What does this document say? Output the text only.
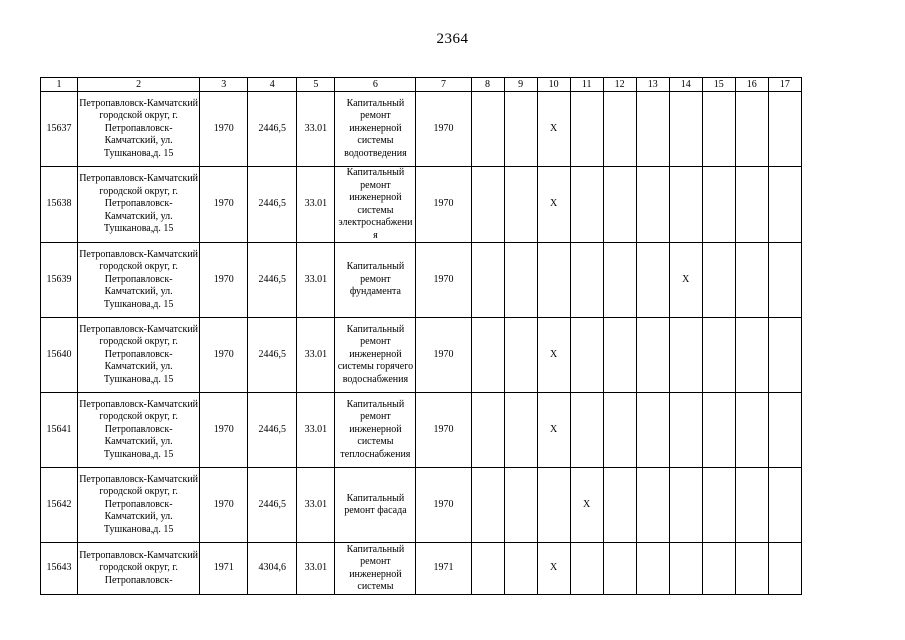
2364
1	2	3	4	5	6	7	8	9	10	11	12	13	14	15	16	17
15637	Петропавловск-Камчатский городской округ, г. Петропавловск-Камчатский, ул. Тушканова,д. 15	1970	2446,5	33.01	Капитальный ремонт инженерной системы водоотведения	1970			X							
15638	Петропавловск-Камчатский городской округ, г. Петропавловск-Камчатский, ул. Тушканова,д. 15	1970	2446,5	33.01	Капитальный ремонт инженерной системы электроснабжения	1970			X							
15639	Петропавловск-Камчатский городской округ, г. Петропавловск-Камчатский, ул. Тушканова,д. 15	1970	2446,5	33.01	Капитальный ремонт фундамента	1970							X			
15640	Петропавловск-Камчатский городской округ, г. Петропавловск-Камчатский, ул. Тушканова,д. 15	1970	2446,5	33.01	Капитальный ремонт инженерной системы горячего водоснабжения	1970			X							
15641	Петропавловск-Камчатский городской округ, г. Петропавловск-Камчатский, ул. Тушканова,д. 15	1970	2446,5	33.01	Капитальный ремонт инженерной системы теплоснабжения	1970			X							
15642	Петропавловск-Камчатский городской округ, г. Петропавловск-Камчатский, ул. Тушканова,д. 15	1970	2446,5	33.01	Капитальный ремонт фасада	1970				X						
15643	Петропавловск-Камчатский городской округ, г. Петропавловск-	1971	4304,6	33.01	Капитальный ремонт инженерной системы	1971			X							
